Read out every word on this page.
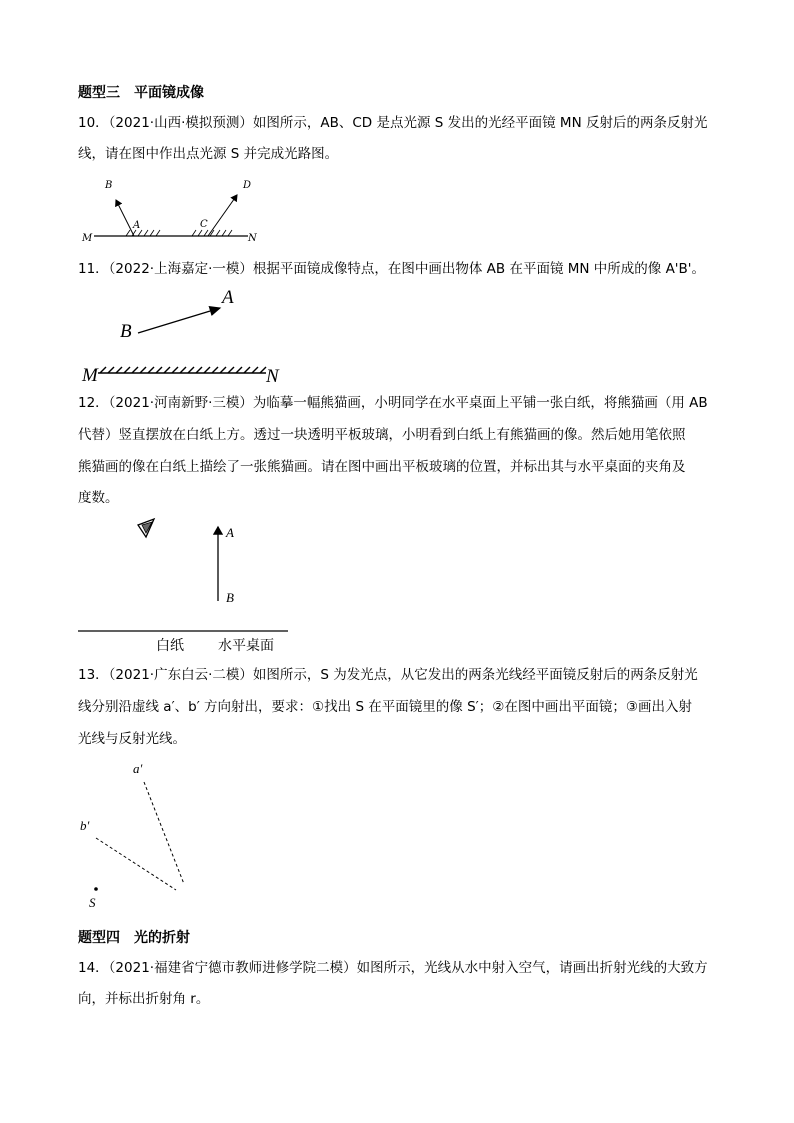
题型三　平面镜成像
10．（2021·山西·模拟预测）如图所示，AB、CD 是点光源 S 发出的光经平面镜 MN 反射后的两条反射光
线，请在图中作出点光源 S 并完成光路图。
B
A	C
D
M	N
11．（2022·上海嘉定·一模）根据平面镜成像特点，在图中画出物体 AB 在平面镜 MN 中所成的像 A'B'。
A
B
M	N
12．（2021·河南新野·三模）为临摹一幅熊猫画，小明同学在水平桌面上平铺一张白纸，将熊猫画（用 AB
代替）竖直摆放在白纸上方。透过一块透明平板玻璃，小明看到白纸上有熊猫画的像。然后她用笔依照
熊猫画的像在白纸上描绘了一张熊猫画。请在图中画出平板玻璃的位置，并标出其与水平桌面的夹角及
度数。
A
B
白纸 水平桌面
13．（2021·广东白云·二模）如图所示，S 为发光点，从它发出的两条光线经平面镜反射后的两条反射光
线分别沿虚线 a′、b′ 方向射出，要求：①找出 S 在平面镜里的像 S′；②在图中画出平面镜；③画出入射
光线与反射光线。
a′
b′
S
题型四　光的折射
14．（2021·福建省宁德市教师进修学院二模）如图所示，光线从水中射入空气，请画出折射光线的大致方
向，并标出折射角 r。
